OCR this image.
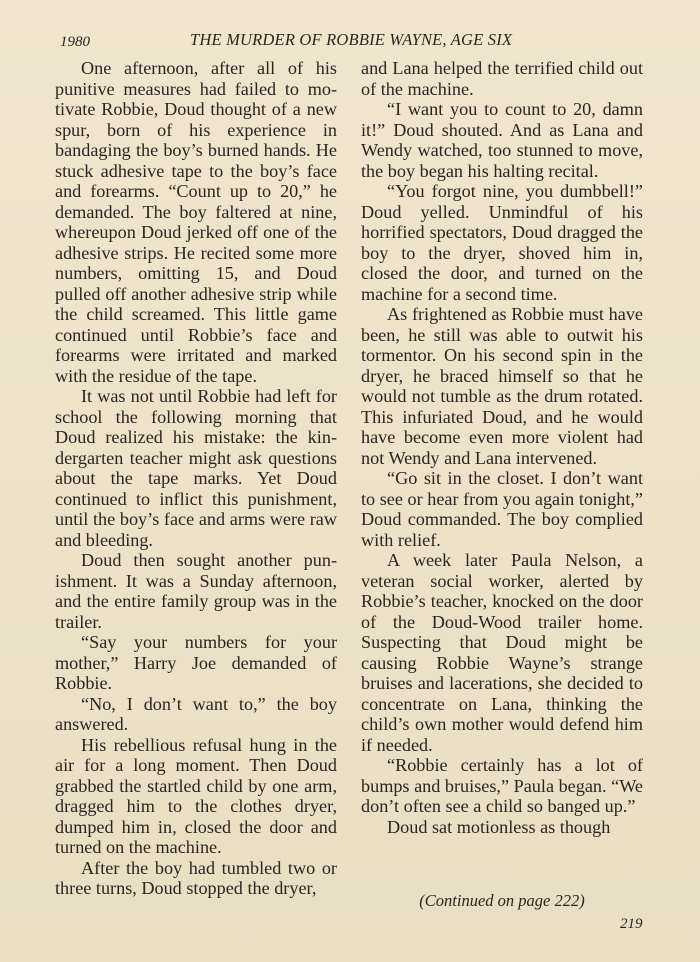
1980	THE MURDER OF ROBBIE WAYNE, AGE SIX

One afternoon, after all of his punitive measures had failed to motivate Robbie, Doud thought of a new spur, born of his experience in bandaging the boy’s burned hands. He stuck adhesive tape to the boy’s face and forearms. “Count up to 20,” he demanded. The boy faltered at nine, whereupon Doud jerked off one of the adhesive strips. He recited some more numbers, omitting 15, and Doud pulled off another adhesive strip while the child screamed. This little game continued until Robbie’s face and forearms were irritated and marked with the residue of the tape.

It was not until Robbie had left for school the following morning that Doud realized his mistake: the kindergarten teacher might ask questions about the tape marks. Yet Doud continued to inflict this punishment, until the boy’s face and arms were raw and bleeding.

Doud then sought another punishment. It was a Sunday afternoon, and the entire family group was in the trailer.

“Say your numbers for your mother,” Harry Joe demanded of Robbie.

“No, I don’t want to,” the boy answered.

His rebellious refusal hung in the air for a long moment. Then Doud grabbed the startled child by one arm, dragged him to the clothes dryer, dumped him in, closed the door and turned on the machine.

After the boy had tumbled two or three turns, Doud stopped the dryer,

and Lana helped the terrified child out of the machine.

“I want you to count to 20, damn it!” Doud shouted. And as Lana and Wendy watched, too stunned to move, the boy began his halting recital.

“You forgot nine, you dumbbell!” Doud yelled. Unmindful of his horrified spectators, Doud dragged the boy to the dryer, shoved him in, closed the door, and turned on the machine for a second time.

As frightened as Robbie must have been, he still was able to outwit his tormentor. On his second spin in the dryer, he braced himself so that he would not tumble as the drum rotated. This infuriated Doud, and he would have become even more violent had not Wendy and Lana intervened.

“Go sit in the closet. I don’t want to see or hear from you again tonight,” Doud commanded. The boy complied with relief.

A week later Paula Nelson, a veteran social worker, alerted by Robbie’s teacher, knocked on the door of the Doud-Wood trailer home. Suspecting that Doud might be causing Robbie Wayne’s strange bruises and lacerations, she decided to concentrate on Lana, thinking the child’s own mother would defend him if needed.

“Robbie certainly has a lot of bumps and bruises,” Paula began. “We don’t often see a child so banged up.”

Doud sat motionless as though

(Continued on page 222)
219
